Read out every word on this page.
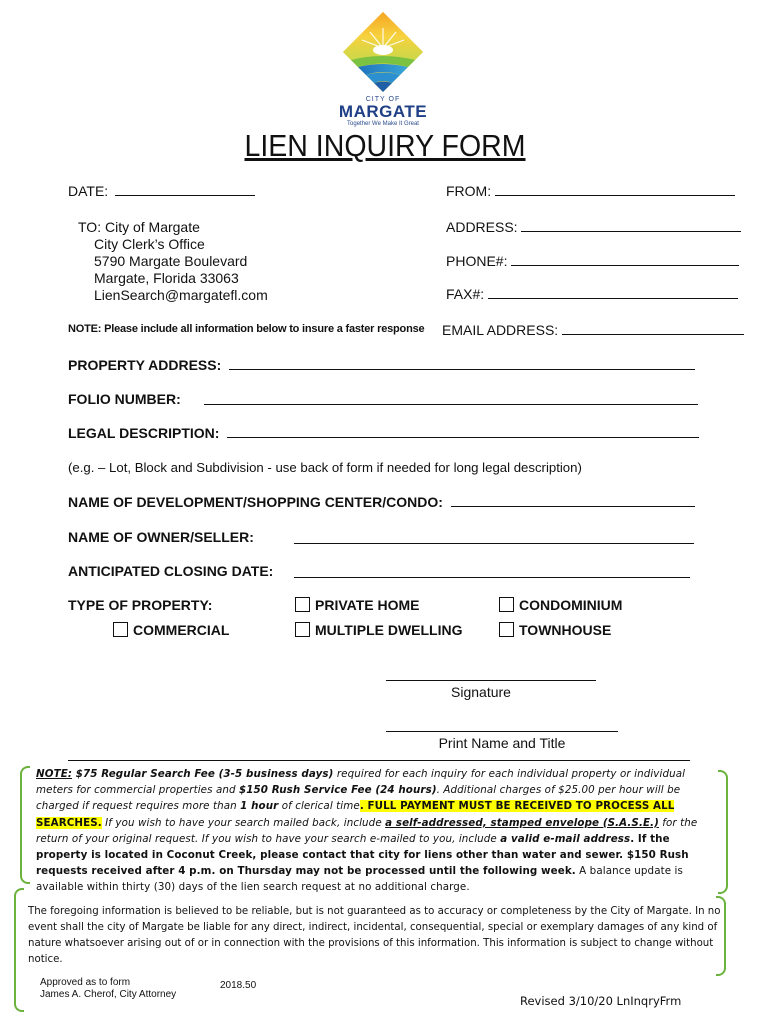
CITY OF
MARGATE
Together We Make It Great
LIEN INQUIRY FORM
DATE:	FROM:
TO: City of Margate
City Clerk’s Office
5790 Margate Boulevard
Margate, Florida 33063
LienSearch@margatefl.com
ADDRESS:
PHONE#:
FAX#:
NOTE: Please include all information below to insure a faster response EMAIL ADDRESS:
PROPERTY ADDRESS:
FOLIO NUMBER:
LEGAL DESCRIPTION:
(e.g. – Lot, Block and Subdivision - use back of form if needed for long legal description)
NAME OF DEVELOPMENT/SHOPPING CENTER/CONDO:
NAME OF OWNER/SELLER:
ANTICIPATED CLOSING DATE:
TYPE OF PROPERTY:	PRIVATE HOME	CONDOMINIUM
COMMERCIAL	MULTIPLE DWELLING	TOWNHOUSE
Signature
Print Name and Title
NOTE: $75 Regular Search Fee (3-5 business days) required for each inquiry for each individual property or individual meters for commercial properties and $150 Rush Service Fee (24 hours). Additional charges of $25.00 per hour will be charged if request requires more than 1 hour of clerical time. FULL PAYMENT MUST BE RECEIVED TO PROCESS ALL SEARCHES. If you wish to have your search mailed back, include a self-addressed, stamped envelope (S.A.S.E.) for the return of your original request. If you wish to have your search e-mailed to you, include a valid e-mail address. If the property is located in Coconut Creek, please contact that city for liens other than water and sewer. $150 Rush requests received after 4 p.m. on Thursday may not be processed until the following week. A balance update is available within thirty (30) days of the lien search request at no additional charge.
The foregoing information is believed to be reliable, but is not guaranteed as to accuracy or completeness by the City of Margate. In no event shall the city of Margate be liable for any direct, indirect, incidental, consequential, special or exemplary damages of any kind of nature whatsoever arising out of or in connection with the provisions of this information. This information is subject to change without notice.
Approved as to form
James A. Cherof, City Attorney
2018.50
Revised 3/10/20 LnInqryFrm
